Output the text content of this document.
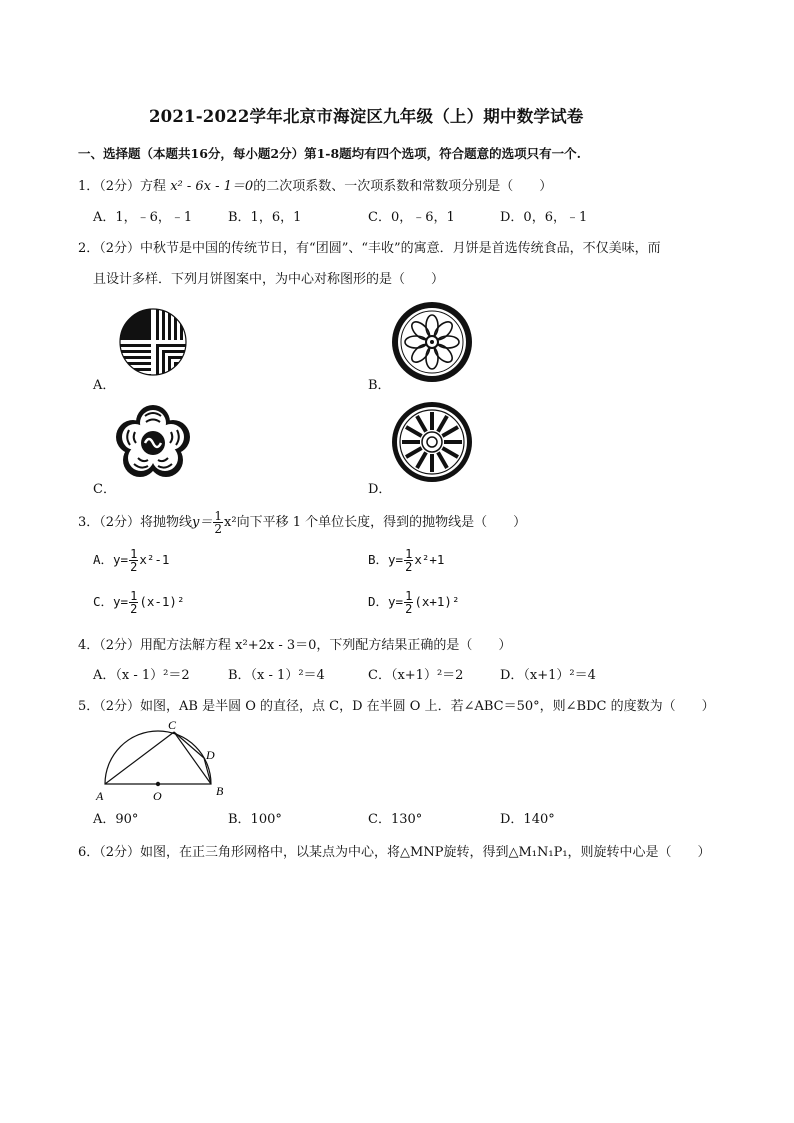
2021-2022学年北京市海淀区九年级（上）期中数学试卷
一、选择题（本题共16分，每小题2分）第1-8题均有四个选项，符合题意的选项只有一个.
1．（2分）方程 x² - 6x - 1＝0的二次项系数、一次项系数和常数项分别是（　　）
A．1，﹣6，﹣1	B．1，6，1	C．0，﹣6，1	D．0，6，﹣1
2．（2分）中秋节是中国的传统节日，有“团圆”、“丰收”的寓意．月饼是首选传统食品，不仅美味，而
且设计多样．下列月饼图案中，为中心对称图形的是（　　）
A．	B．
C．	D．
3．（2分）将抛物线$y= \frac{1}{2} x^2$向下平移 1 个单位长度，得到的抛物线是（　　）
A．$y= \frac{1}{2} x^2-1$	B．$y= \frac{1}{2} x^2+1$
C．$y= \frac{1}{2} (x-1)^2$	D．$y= \frac{1}{2} (x+1)^2$
4．（2分）用配方法解方程 x²+2x - 3＝0，下列配方结果正确的是（　　）
A．（x - 1）²＝2	B．（x - 1）²＝4	C．（x+1）²＝2	D．（x+1）²＝4
5．（2分）如图，AB 是半圆 O 的直径，点 C，D 在半圆 O 上．若∠ABC＝50°，则∠BDC 的度数为（　　）
A	B
C
D
O
A．90°	B．100°	C．130°	D．140°
6．（2分）如图，在正三角形网格中，以某点为中心，将△MNP旋转，得到△M₁N₁P₁，则旋转中心是（　　）
